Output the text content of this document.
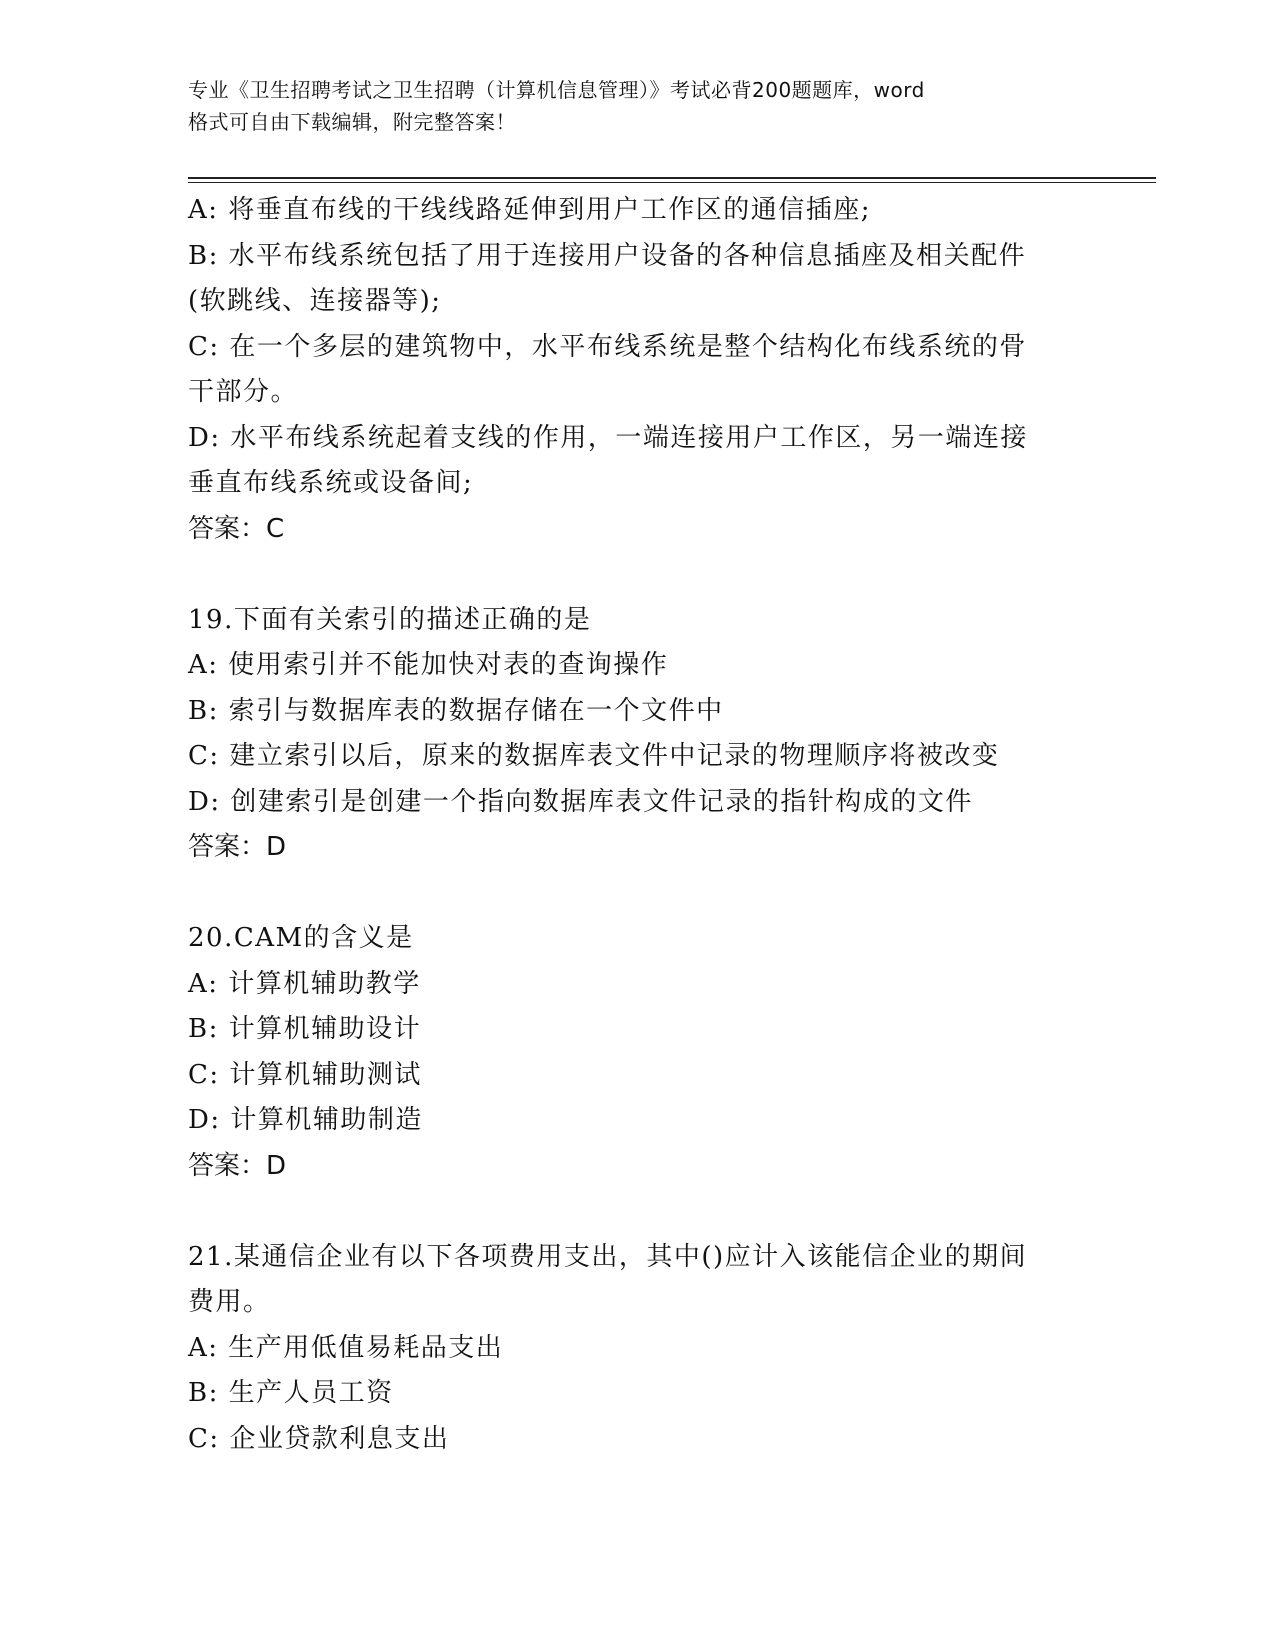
专业《卫生招聘考试之卫生招聘（计算机信息管理）》考试必背200题题库，word
格式可自由下载编辑，附完整答案！

A: 将垂直布线的干线线路延伸到用户工作区的通信插座;

B: 水平布线系统包括了用于连接用户设备的各种信息插座及相关配件

(软跳线、连接器等);

C: 在一个多层的建筑物中，水平布线系统是整个结构化布线系统的骨

干部分。

D: 水平布线系统起着支线的作用，一端连接用户工作区，另一端连接

垂直布线系统或设备间;

答案：C

19.下面有关索引的描述正确的是

A: 使用索引并不能加快对表的查询操作

B: 索引与数据库表的数据存储在一个文件中

C: 建立索引以后，原来的数据库表文件中记录的物理顺序将被改变

D: 创建索引是创建一个指向数据库表文件记录的指针构成的文件

答案：D

20.CAM的含义是

A: 计算机辅助教学

B: 计算机辅助设计

C: 计算机辅助测试

D: 计算机辅助制造

答案：D

21.某通信企业有以下各项费用支出，其中()应计入该能信企业的期间

费用。

A: 生产用低值易耗品支出

B: 生产人员工资

C: 企业贷款利息支出
